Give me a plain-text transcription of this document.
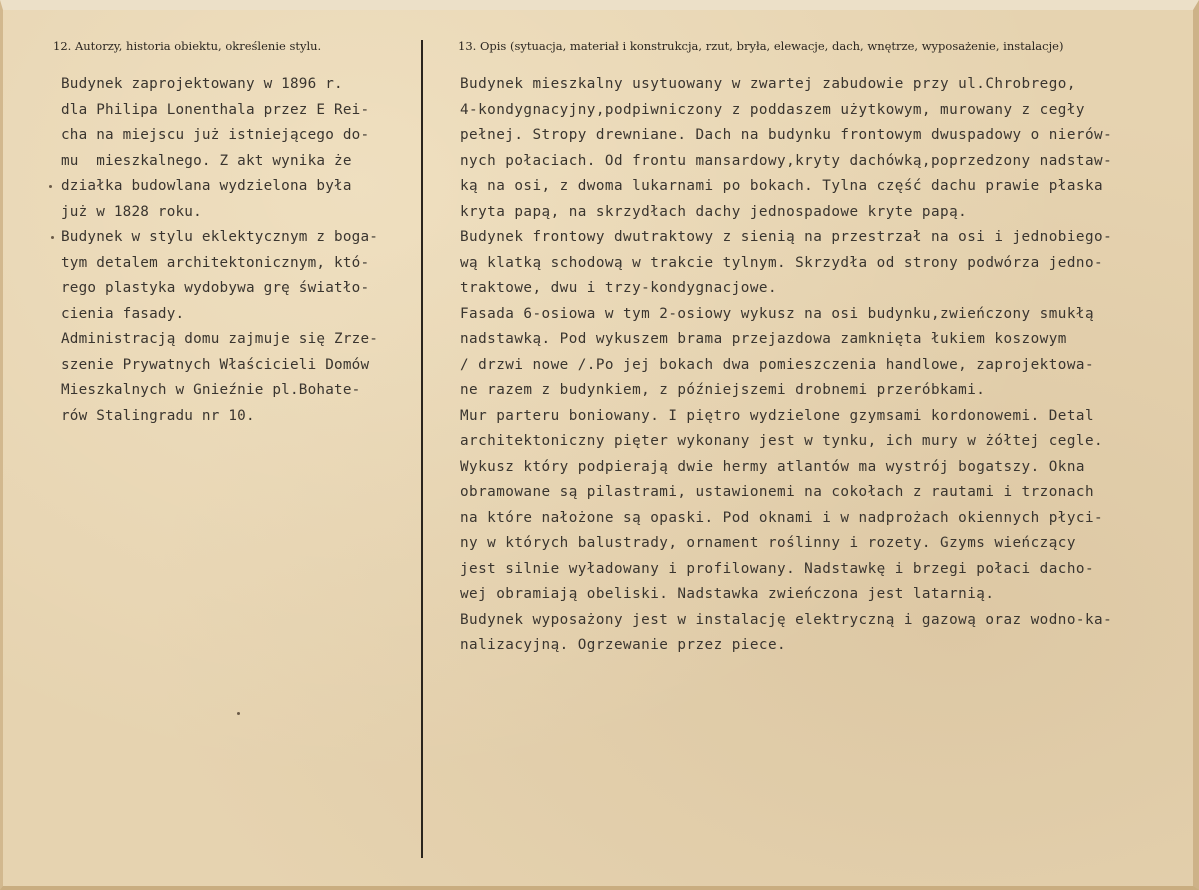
12. Autorzy, historia obiektu, określenie stylu.	13. Opis (sytuacja, materiał i konstrukcja, rzut, bryła, elewacje, dach, wnętrze, wyposażenie, instalacje)
Budynek zaprojektowany w 1896 r.
dla Philipa Lonenthala przez E Rei-
cha na miejscu już istniejącego do-
mu  mieszkalnego. Z akt wynika że
działka budowlana wydzielona była
już w 1828 roku.
Budynek w stylu eklektycznym z boga-
tym detalem architektonicznym, któ-
rego plastyka wydobywa grę światło-
cienia fasady.
Administracją domu zajmuje się Zrze-
szenie Prywatnych Właścicieli Domów
Mieszkalnych w Gnieźnie pl.Bohate-
rów Stalingradu nr 10.
Budynek mieszkalny usytuowany w zwartej zabudowie przy ul.Chrobrego,
4-kondygnacyjny,podpiwniczony z poddaszem użytkowym, murowany z cegły
pełnej. Stropy drewniane. Dach na budynku frontowym dwuspadowy o nierów-
nych połaciach. Od frontu mansardowy,kryty dachówką,poprzedzony nadstaw-
ką na osi, z dwoma lukarnami po bokach. Tylna część dachu prawie płaska
kryta papą, na skrzydłach dachy jednospadowe kryte papą.
Budynek frontowy dwutraktowy z sienią na przestrzał na osi i jednobiego-
wą klatką schodową w trakcie tylnym. Skrzydła od strony podwórza jedno-
traktowe, dwu i trzy-kondygnacjowe.
Fasada 6-osiowa w tym 2-osiowy wykusz na osi budynku,zwieńczony smukłą
nadstawką. Pod wykuszem brama przejazdowa zamknięta łukiem koszowym
/ drzwi nowe /.Po jej bokach dwa pomieszczenia handlowe, zaprojektowa-
ne razem z budynkiem, z późniejszemi drobnemi przeróbkami.
Mur parteru boniowany. I piętro wydzielone gzymsami kordonowemi. Detal
architektoniczny pięter wykonany jest w tynku, ich mury w żółtej cegle.
Wykusz który podpierają dwie hermy atlantów ma wystrój bogatszy. Okna
obramowane są pilastrami, ustawionemi na cokołach z rautami i trzonach
na które nałożone są opaski. Pod oknami i w nadprożach okiennych płyci-
ny w których balustrady, ornament roślinny i rozety. Gzyms wieńczący
jest silnie wyładowany i profilowany. Nadstawkę i brzegi połaci dacho-
wej obramiają obeliski. Nadstawka zwieńczona jest latarnią.
Budynek wyposażony jest w instalację elektryczną i gazową oraz wodno-ka-
nalizacyjną. Ogrzewanie przez piece.
